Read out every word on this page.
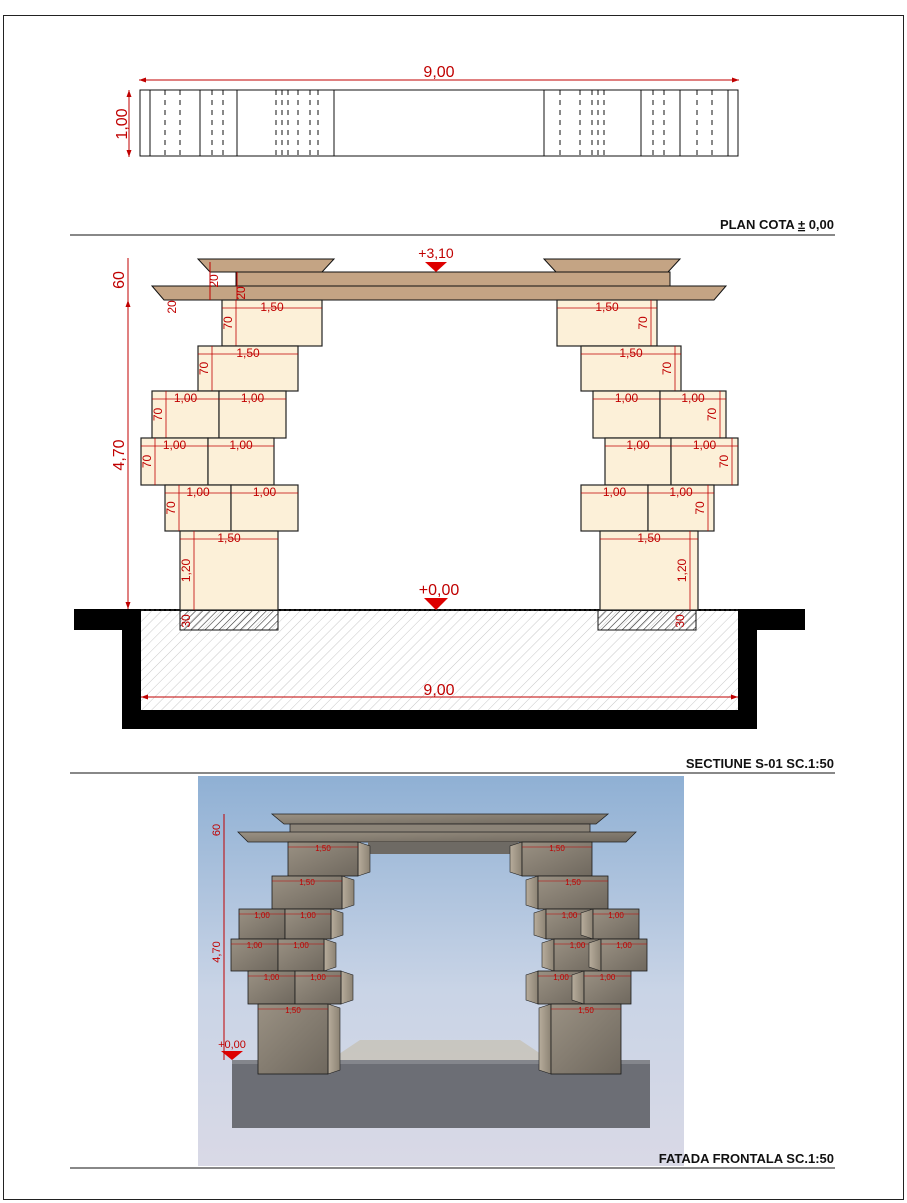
9,00
1,00
PLAN COTA ± 0,00
9,00
4,70
60
+0,00
+3,10
20
20
20
1,50
70
1,50
70
1,00
70
1,00
1,00
70
1,00
1,00
70
1,00
1,50
1,20
1,50
70
1,50
70
1,00	1,00
70
1,00	1,00
70
1,00	1,00
70
1,50
1,20
30	30
SECTIUNE S-01 SC.1:50
1,50
1,50
1,00	1,00
1,00	1,00
1,00	1,00
1,50
1,50
1,50
1,00	1,00
1,00	1,00
1,00	1,00
1,50
+0,00
4,70
60
FATADA FRONTALA SC.1:50
